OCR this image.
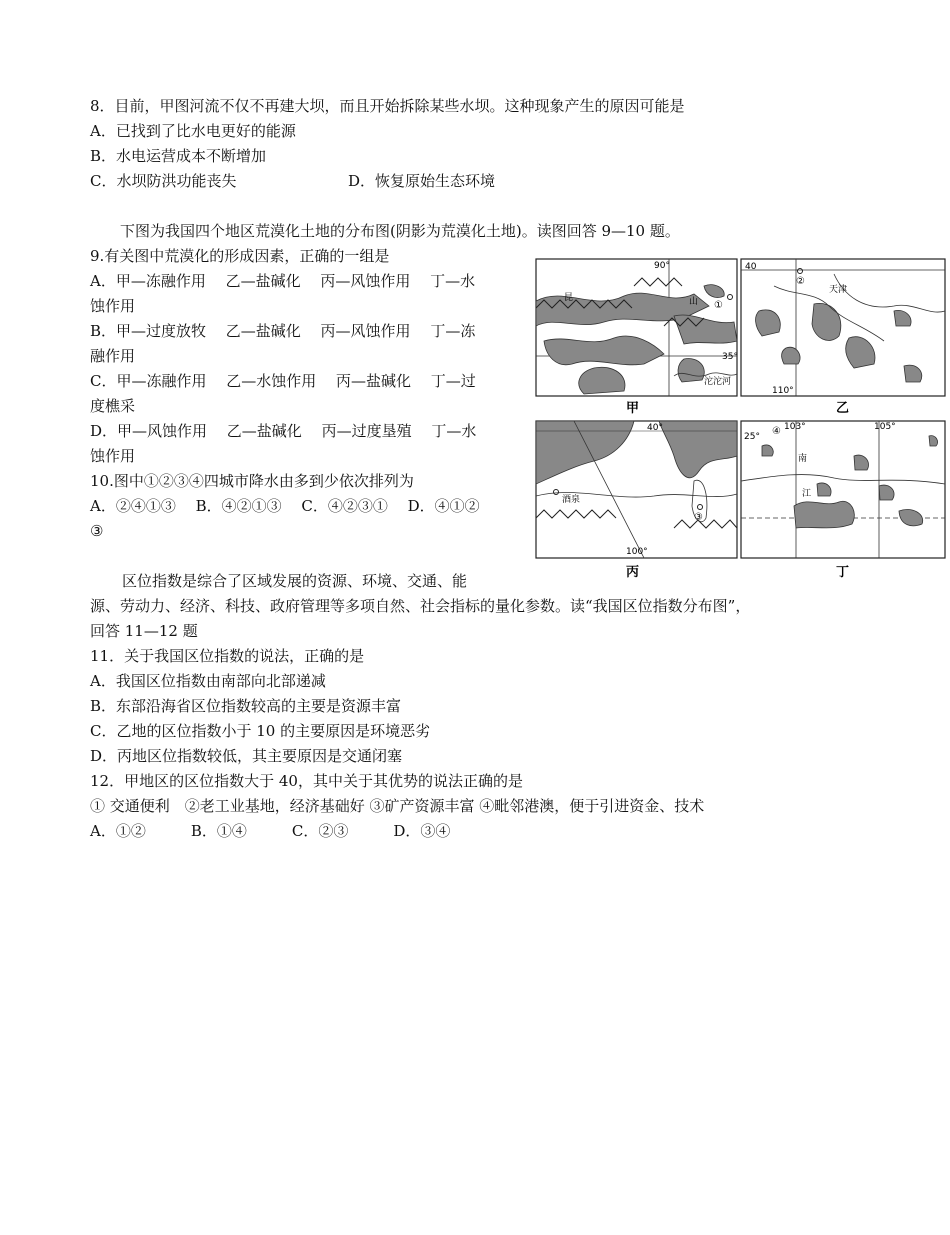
8．目前，甲图河流不仅不再建大坝，而且开始拆除某些水坝。这种现象产生的原因可能是
A．已找到了比水电更好的能源
B．水电运营成本不断增加
C．水坝防洪功能丧失	D．恢复原始生态环境
下图为我国四个地区荒漠化土地的分布图(阴影为荒漠化土地)。读图回答 9—10 题。
9.有关图中荒漠化的形成因素，正确的一组是
A．甲—冻融作用　 乙—盐碱化　 丙—风蚀作用　 丁—水
蚀作用
B．甲—过度放牧　 乙—盐碱化　 丙—风蚀作用　 丁—冻
融作用
C．甲—冻融作用　 乙—水蚀作用　 丙—盐碱化　 丁—过
度樵采
D．甲—风蚀作用　 乙—盐碱化　 丙—过度垦殖　 丁—水
蚀作用
10.图中①②③④四城市降水由多到少依次排列为
A．②④①③　 B．④②①③　 C．④②③①　 D．④①②
③
区位指数是综合了区域发展的资源、环境、交通、能
源、劳动力、经济、科技、政府管理等多项自然、社会指标的量化参数。读“我国区位指数分布图”，
回答 11—12 题
11．关于我国区位指数的说法，正确的是
A．我国区位指数由南部向北部递减
B．东部沿海省区位指数较高的主要是资源丰富
C．乙地的区位指数小于 10 的主要原因是环境恶劣
D．丙地区位指数较低，其主要原因是交通闭塞
12．甲地区的区位指数大于 40，其中关于其优势的说法正确的是
① 交通便利　②老工业基地，经济基础好 ③矿产资源丰富 ④毗邻港澳，便于引进资金、技术
A．①②　　　B．①④　　　C．②③　　　D．③④
90°
35°
昆	山
沱沱河
①
甲
40
110°
天津
②
乙
40°
100°
酒泉
③
丙
25°
103°	105°
南
江
④
丁
